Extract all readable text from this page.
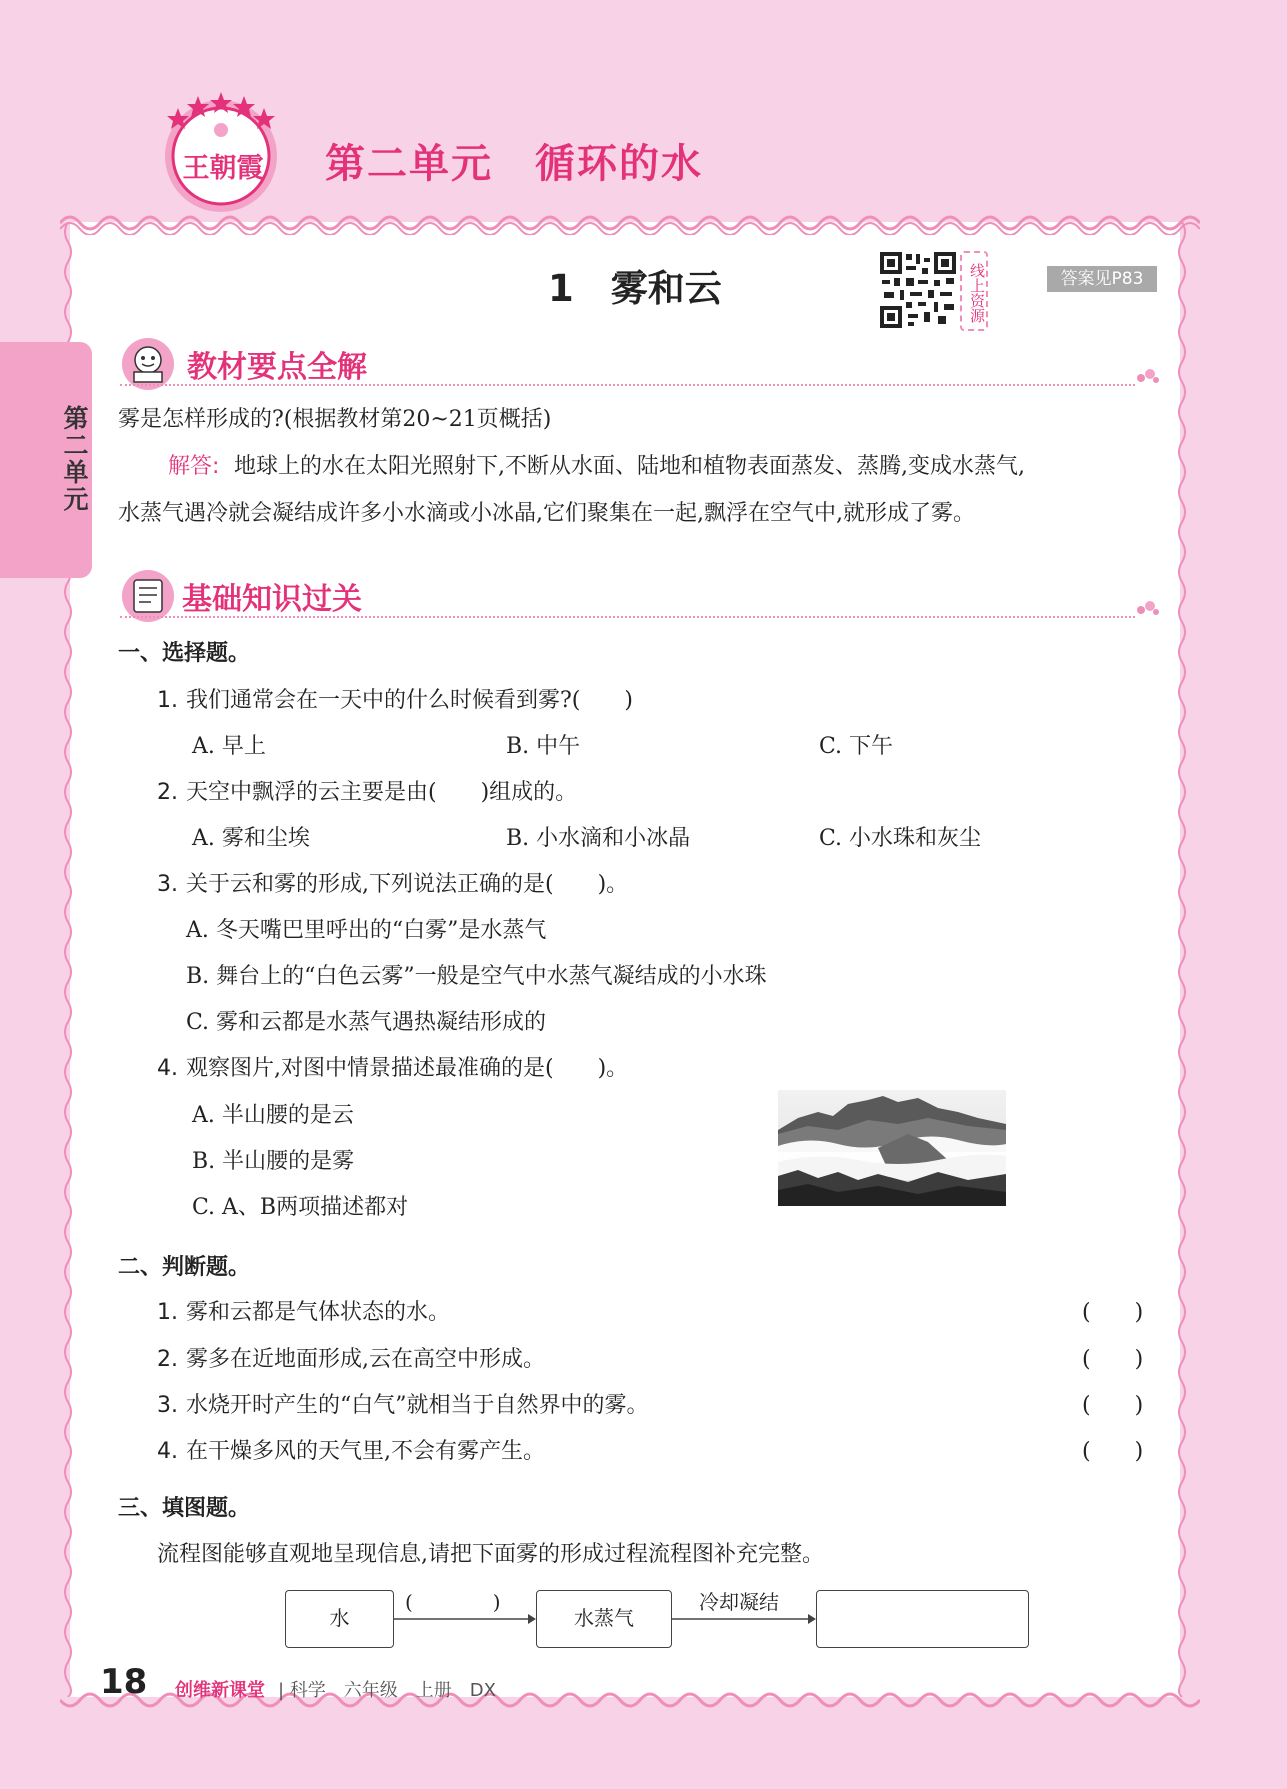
王朝霞 第二单元　循环的水
第二单元
1　雾和云	线上资源	答案见P83
教材要点全解
雾是怎样形成的?(根据教材第20~21页概括)
解答: 地球上的水在太阳光照射下,不断从水面、陆地和植物表面蒸发、蒸腾,变成水蒸气,
水蒸气遇冷就会凝结成许多小水滴或小冰晶,它们聚集在一起,飘浮在空气中,就形成了雾。
基础知识过关
一、选择题。
1. 我们通常会在一天中的什么时候看到雾?(　　)
A. 早上	B. 中午	C. 下午
2. 天空中飘浮的云主要是由(　　)组成的。
A. 雾和尘埃	B. 小水滴和小冰晶	C. 小水珠和灰尘
3. 关于云和雾的形成,下列说法正确的是(　　)。
A. 冬天嘴巴里呼出的“白雾”是水蒸气
B. 舞台上的“白色云雾”一般是空气中水蒸气凝结成的小水珠
C. 雾和云都是水蒸气遇热凝结形成的
4. 观察图片,对图中情景描述最准确的是(　　)。
A. 半山腰的是云
B. 半山腰的是雾
C. A、B两项描述都对
二、判断题。
1. 雾和云都是气体状态的水。	(　　)
2. 雾多在近地面形成,云在高空中形成。	(　　)
3. 水烧开时产生的“白气”就相当于自然界中的雾。	(　　)
4. 在干燥多风的天气里,不会有雾产生。	(　　)
三、填图题。
流程图能够直观地呈现信息,请把下面雾的形成过程流程图补充完整。
水
(　　　　)
水蒸气
冷却凝结
18 创维新课堂 | 科学　六年级　上册　DX
